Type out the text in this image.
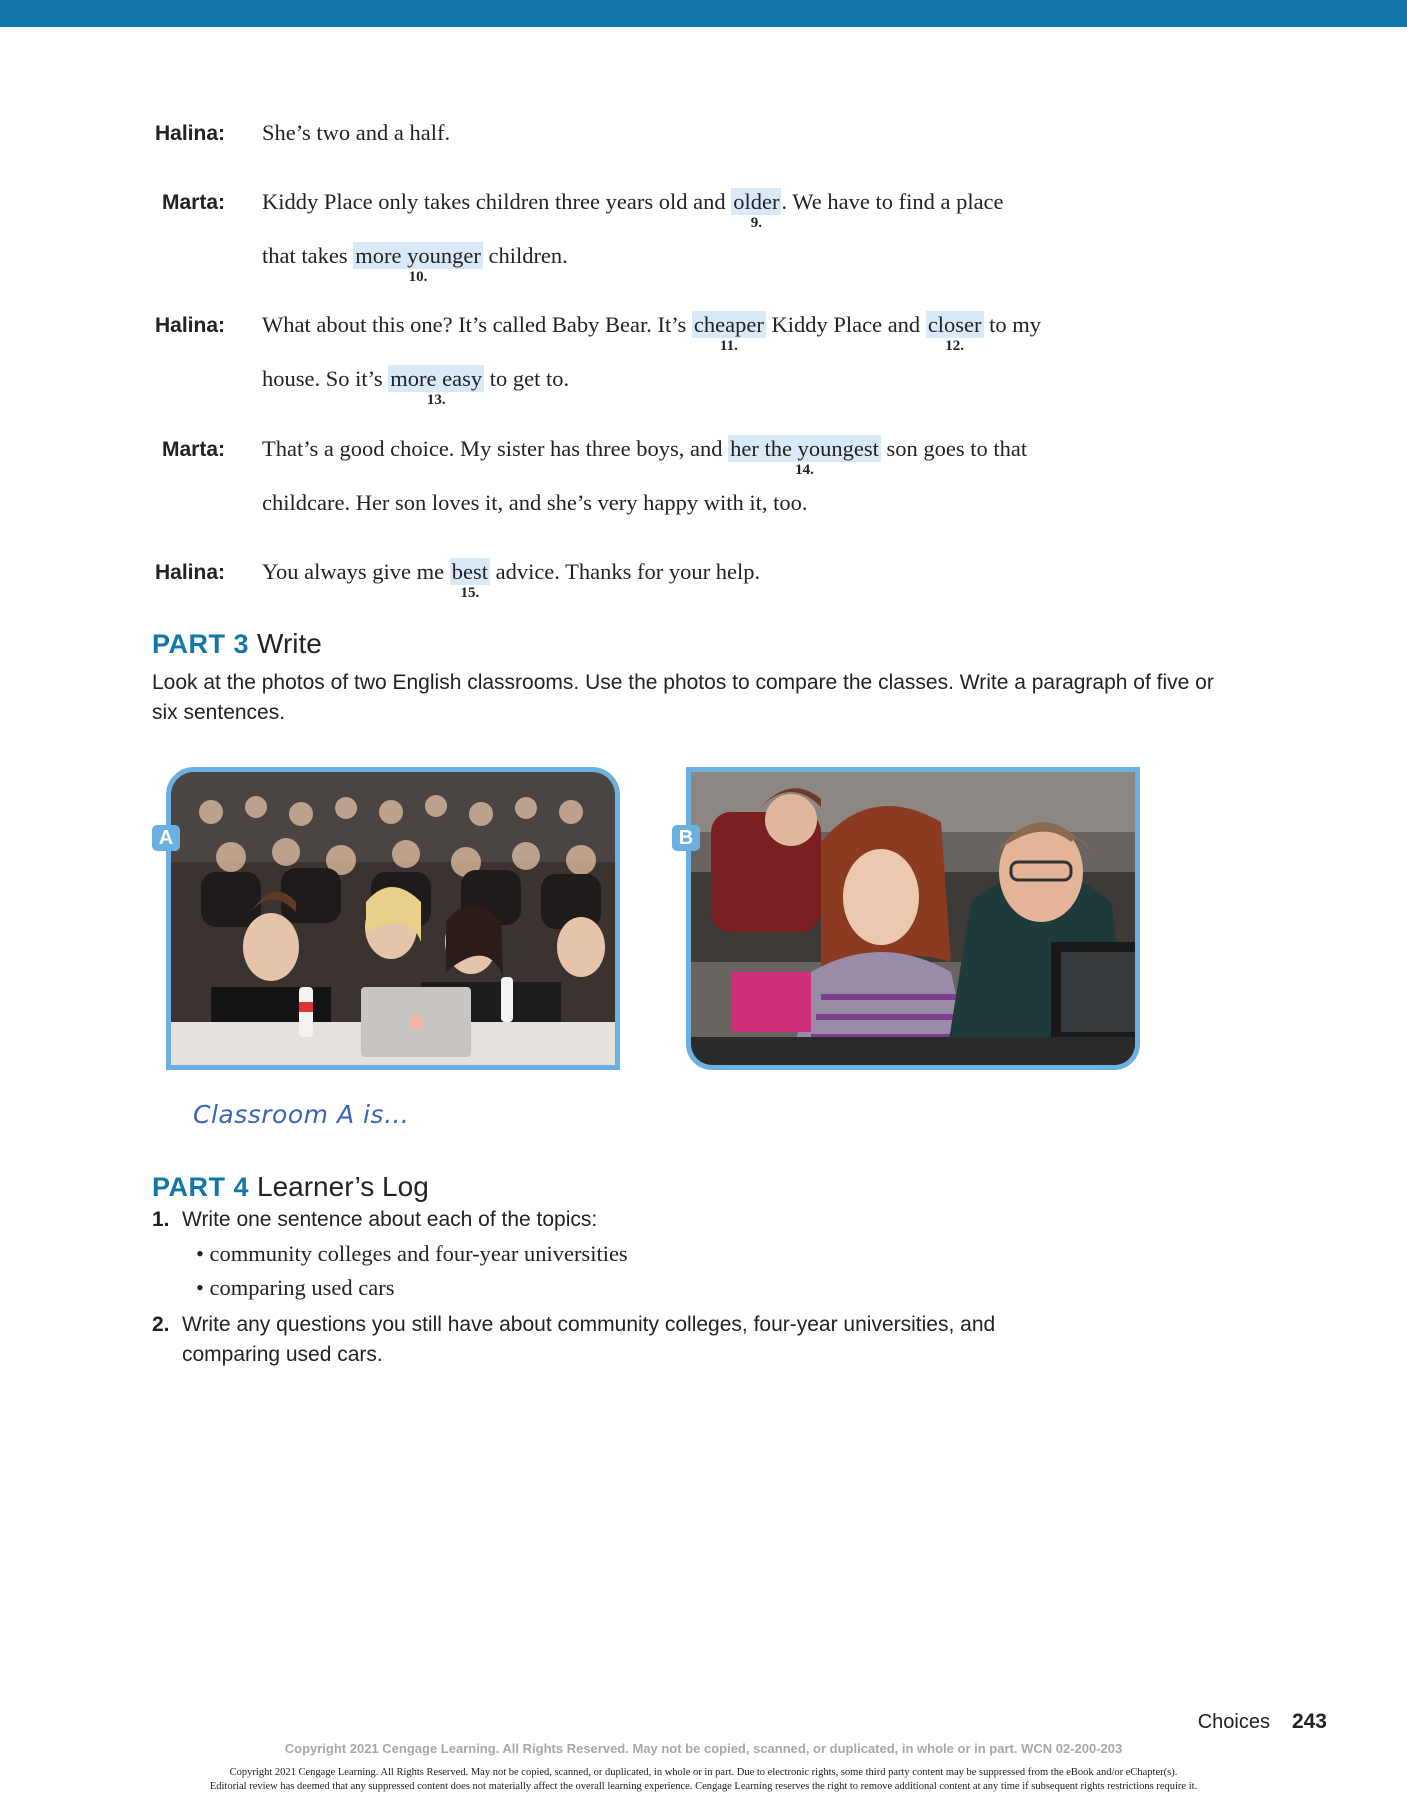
Halina: She’s two and a half.
Marta: Kiddy Place only takes children three years old and older
9.
. We have to find a place
that takes more younger
10.
children.
Halina: What about this one? It’s called Baby Bear. It’s cheaper
11.
Kiddy Place and closer
12.
to my
house. So it’s more easy
13.
to get to.
Marta: That’s a good choice. My sister has three boys, and her the youngest
14.
son goes to that
childcare. Her son loves it, and she’s very happy with it, too.
Halina: You always give me best
15.
advice. Thanks for your help.
PART 3 Write
Look at the photos of two English classrooms. Use the photos to compare the classes. Write a paragraph of five or six sentences.
A	B
Classroom A is…
PART 4 Learner’s Log
1. Write one sentence about each of the topics:
• community colleges and four-year universities
• comparing used cars
2. Write any questions you still have about community colleges, four-year universities, and comparing used cars.
Choices 243
Copyright 2021 Cengage Learning. All Rights Reserved. May not be copied, scanned, or duplicated, in whole or in part. WCN 02-200-203
Copyright 2021 Cengage Learning. All Rights Reserved. May not be copied, scanned, or duplicated, in whole or in part. Due to electronic rights, some third party content may be suppressed from the eBook and/or eChapter(s).
Editorial review has deemed that any suppressed content does not materially affect the overall learning experience. Cengage Learning reserves the right to remove additional content at any time if subsequent rights restrictions require it.
